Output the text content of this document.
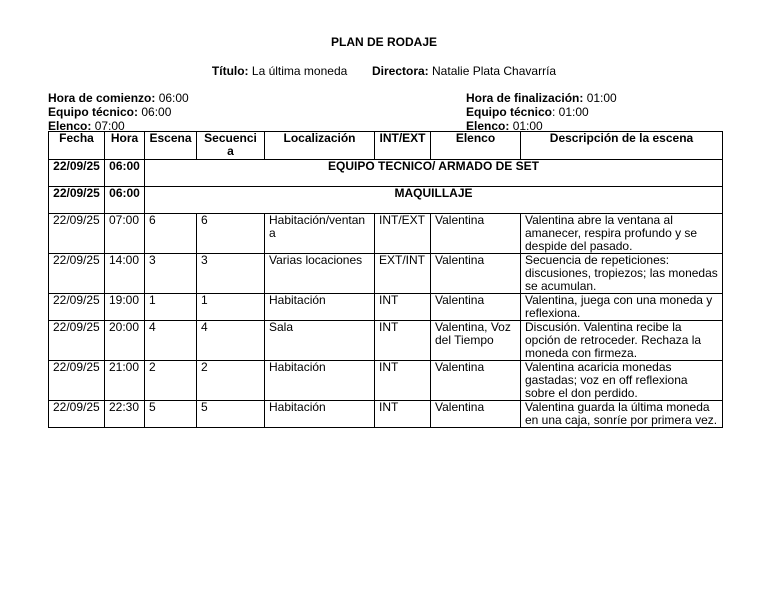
PLAN DE RODAJE
Título: La última moneda Directora: Natalie Plata Chavarría
Hora de comienzo: 06:00
Equipo técnico: 06:00
Elenco: 07:00
Hora de finalización: 01:00
Equipo técnico: 01:00
Elenco: 01:00
Fecha	Hora	Escena	Secuencia	Localización	INT/EXT	Elenco	Descripción de la escena
22/09/25	06:00	EQUIPO TECNICO/ ARMADO DE SET					
22/09/25	06:00	MAQUILLAJE					
22/09/25	07:00	6	6	Habitación/ventana	INT/EXT	Valentina	Valentina abre la ventana al amanecer, respira profundo y se despide del pasado.
22/09/25	14:00	3	3	Varias locaciones	EXT/INT	Valentina	Secuencia de repeticiones: discusiones, tropiezos; las monedas se acumulan.
22/09/25	19:00	1	1	Habitación	INT	Valentina	Valentina, juega con una moneda y reflexiona.
22/09/25	20:00	4	4	Sala	INT	Valentina, Voz del Tiempo	Discusión. Valentina recibe la opción de retroceder. Rechaza la moneda con firmeza.
22/09/25	21:00	2	2	Habitación	INT	Valentina	Valentina acaricia monedas gastadas; voz en off reflexiona sobre el don perdido.
22/09/25	22:30	5	5	Habitación	INT	Valentina	Valentina guarda la última moneda en una caja, sonríe por primera vez.
